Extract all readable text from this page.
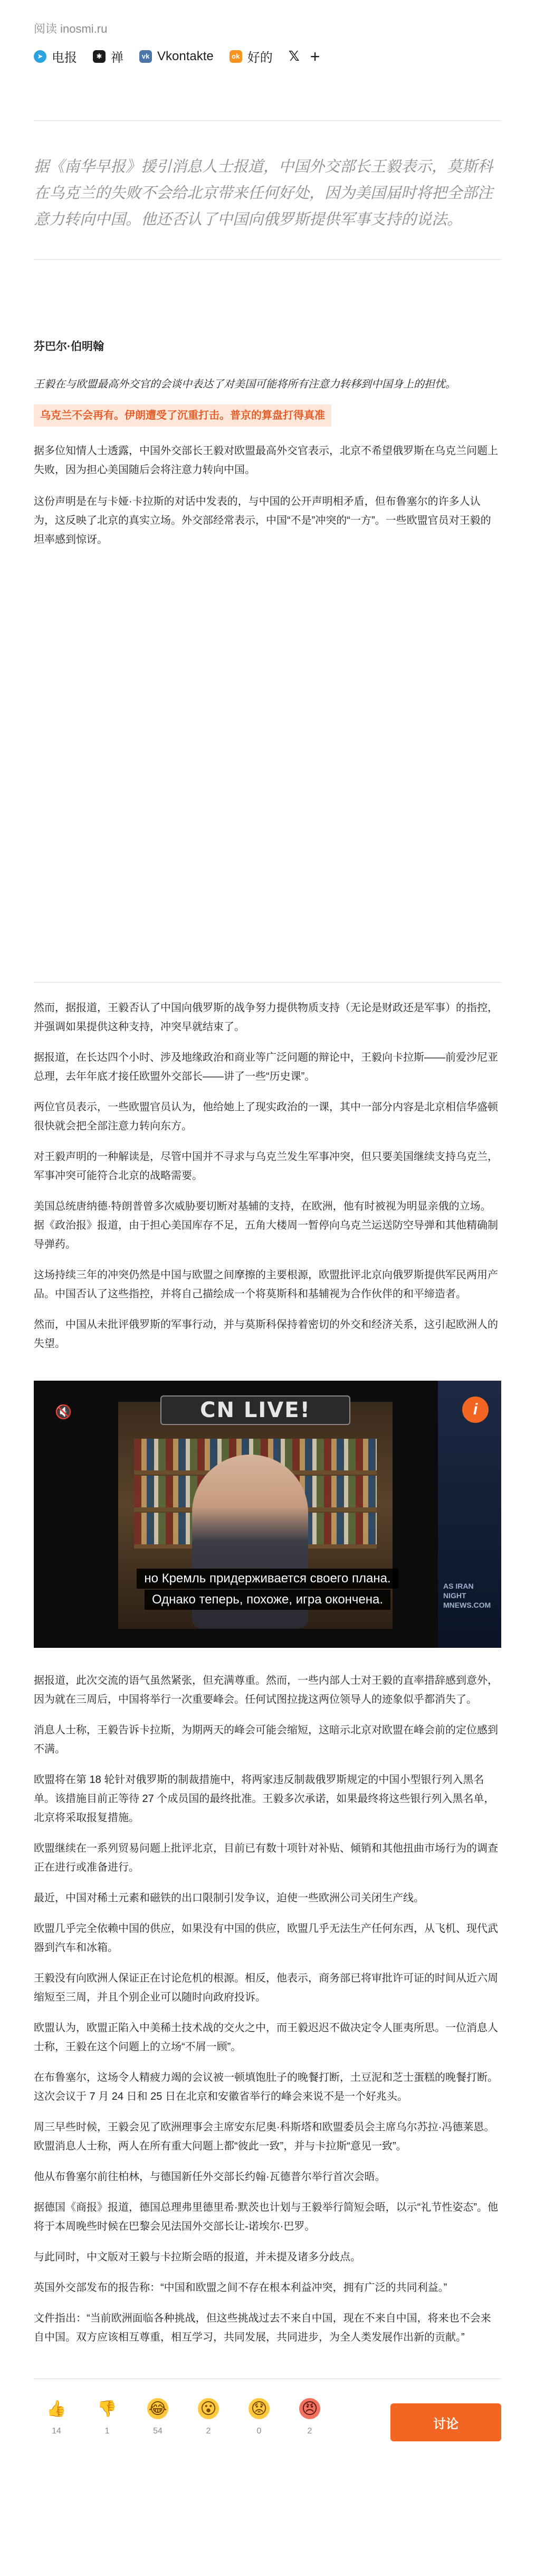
阅读 inosmi.ru
➤ 电报	✱ 禅	vk Vkontakte	ok 好的 𝕏 +

据《南华早报》援引消息人士报道，中国外交部长王毅表示，莫斯科在乌克兰的失败不会给北京带来任何好处，因为美国届时将把全部注意力转向中国。他还否认了中国向俄罗斯提供军事支持的说法。

芬巴尔·伯明翰

王毅在与欧盟最高外交官的会谈中表达了对美国可能将所有注意力转移到中国身上的担忧。

乌克兰不会再有。伊朗遭受了沉重打击。普京的算盘打得真准

据多位知情人士透露，中国外交部长王毅对欧盟最高外交官表示，北京不希望俄罗斯在乌克兰问题上失败，因为担心美国随后会将注意力转向中国。

这份声明是在与卡娅·卡拉斯的对话中发表的，与中国的公开声明相矛盾，但布鲁塞尔的许多人认为，这反映了北京的真实立场。外交部经常表示，中国“不是”冲突的“一方”。一些欧盟官员对王毅的坦率感到惊讶。

然而，据报道，王毅否认了中国向俄罗斯的战争努力提供物质支持（无论是财政还是军事）的指控，并强调如果提供这种支持，冲突早就结束了。

据报道，在长达四个小时、涉及地缘政治和商业等广泛问题的辩论中，王毅向卡拉斯——前爱沙尼亚总理，去年年底才接任欧盟外交部长——讲了一些“历史课”。

两位官员表示，一些欧盟官员认为，他给她上了现实政治的一课，其中一部分内容是北京相信华盛顿很快就会把全部注意力转向东方。

对王毅声明的一种解读是，尽管中国并不寻求与乌克兰发生军事冲突，但只要美国继续支持乌克兰，军事冲突可能符合北京的战略需要。

美国总统唐纳德·特朗普曾多次威胁要切断对基辅的支持，在欧洲，他有时被视为明显亲俄的立场。据《政治报》报道，由于担心美国库存不足，五角大楼周一暂停向乌克兰运送防空导弹和其他精确制导弹药。

这场持续三年的冲突仍然是中国与欧盟之间摩擦的主要根源，欧盟批评北京向俄罗斯提供军民两用产品。中国否认了这些指控，并将自己描绘成一个将莫斯科和基辅视为合作伙伴的和平缔造者。

然而，中国从未批评俄罗斯的军事行动，并与莫斯科保持着密切的外交和经济关系，这引起欧洲人的失望。

CN LIVE!
AS IRAN
NIGHT
MNEWS.COM
🔇	i
но Кремль придерживается своего плана.
Однако теперь, похоже, игра окончена.

据报道，此次交流的语气虽然紧张，但充满尊重。然而，一些内部人士对王毅的直率措辞感到意外，因为就在三周后，中国将举行一次重要峰会。任何试图拉拢这两位领导人的迹象似乎都消失了。

消息人士称，王毅告诉卡拉斯，为期两天的峰会可能会缩短，这暗示北京对欧盟在峰会前的定位感到不满。

欧盟将在第 18 轮针对俄罗斯的制裁措施中，将两家违反制裁俄罗斯规定的中国小型银行列入黑名单。该措施目前正等待 27 个成员国的最终批准。王毅多次承诺，如果最终将这些银行列入黑名单，北京将采取报复措施。

欧盟继续在一系列贸易问题上批评北京，目前已有数十项针对补贴、倾销和其他扭曲市场行为的调查正在进行或准备进行。

最近，中国对稀土元素和磁铁的出口限制引发争议，迫使一些欧洲公司关闭生产线。

欧盟几乎完全依赖中国的供应，如果没有中国的供应，欧盟几乎无法生产任何东西，从飞机、现代武器到汽车和冰箱。

王毅没有向欧洲人保证正在讨论危机的根源。相反，他表示，商务部已将审批许可证的时间从近六周缩短至三周，并且个别企业可以随时向政府投诉。

欧盟认为，欧盟正陷入中美稀土技术战的交火之中，而王毅迟迟不做决定令人匪夷所思。一位消息人士称，王毅在这个问题上的立场“不屑一顾”。

在布鲁塞尔，这场令人精疲力竭的会议被一顿填饱肚子的晚餐打断，土豆泥和芝士蛋糕的晚餐打断。这次会议于 7 月 24 日和 25 日在北京和安徽省举行的峰会来说不是一个好兆头。

周三早些时候，王毅会见了欧洲理事会主席安东尼奥·科斯塔和欧盟委员会主席乌尔苏拉·冯德莱恩。欧盟消息人士称，两人在所有重大问题上都“彼此一致”，并与卡拉斯“意见一致”。

他从布鲁塞尔前往柏林，与德国新任外交部长约翰·瓦德普尔举行首次会晤。

据德国《商报》报道，德国总理弗里德里希·默茨也计划与王毅举行简短会晤，以示“礼节性姿态”。他将于本周晚些时候在巴黎会见法国外交部长让-诺埃尔·巴罗。

与此同时，中文版对王毅与卡拉斯会晤的报道，并未提及诸多分歧点。

英国外交部发布的报告称：“中国和欧盟之间不存在根本利益冲突，拥有广泛的共同利益。”

文件指出：“当前欧洲面临各种挑战，但这些挑战过去不来自中国，现在不来自中国，将来也不会来自中国。双方应该相互尊重，相互学习，共同发展，共同进步，为全人类发展作出新的贡献。”

👍
14
👎
1
😂
54
😮
2
😟
0
😠
2	讨论
